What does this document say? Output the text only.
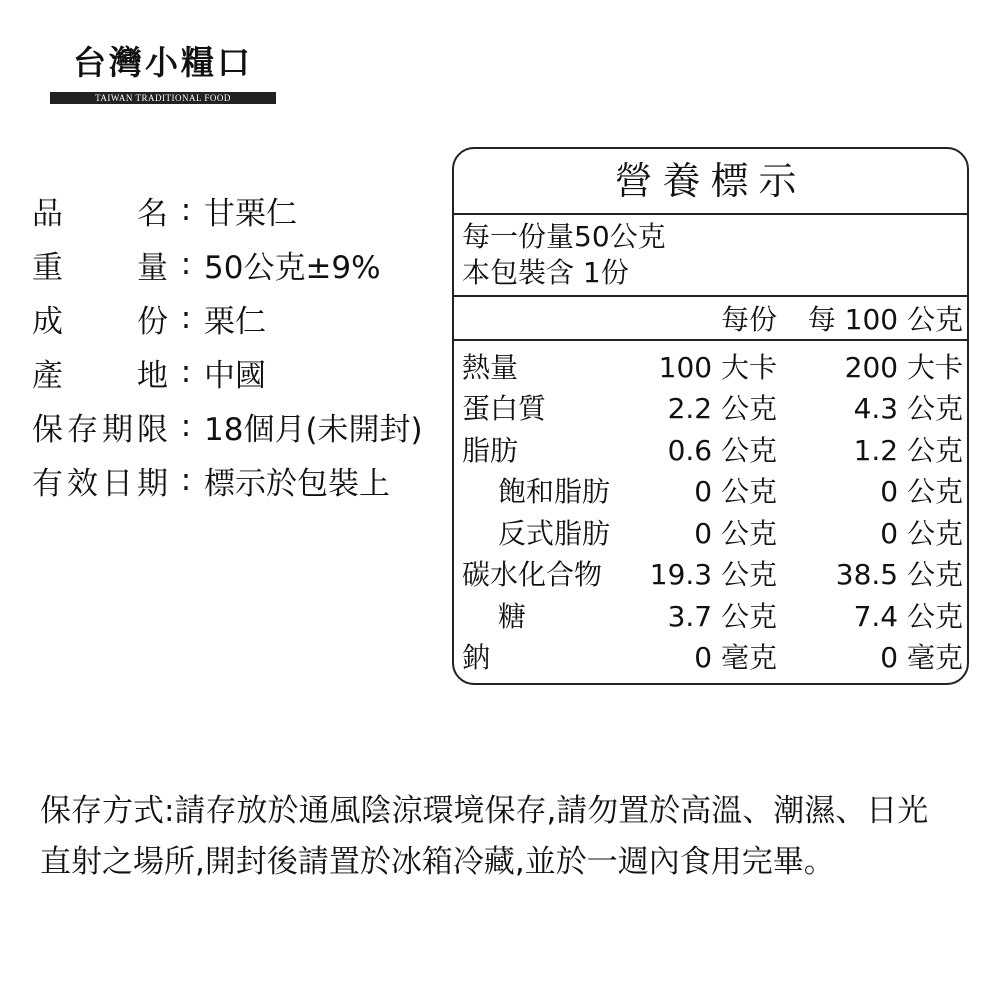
台灣小糧口
TAIWAN TRADITIONAL FOOD
品 名 : 甘栗仁
重 量 : 50公克±9%
成 份 : 栗仁
產 地 : 中國
保 存 期 限 : 18個月(未開封)
有 效 日 期 : 標示於包裝上
營養標示
每一份量50公克
本包裝含 1份
每份 每 100 公克
熱量	100 大卡 200 大卡
蛋白質	2.2 公克	4.3 公克
脂肪	0.6 公克	1.2 公克
飽和脂肪	0 公克	0 公克
反式脂肪	0 公克	0 公克
碳水化合物 19.3 公克 38.5 公克
糖	3.7 公克	7.4 公克
鈉	0 毫克	0 毫克
保存方式:請存放於通風陰涼環境保存,請勿置於高溫、潮濕、日光直射之場所,開封後請置於冰箱冷藏,並於一週內食用完畢。
